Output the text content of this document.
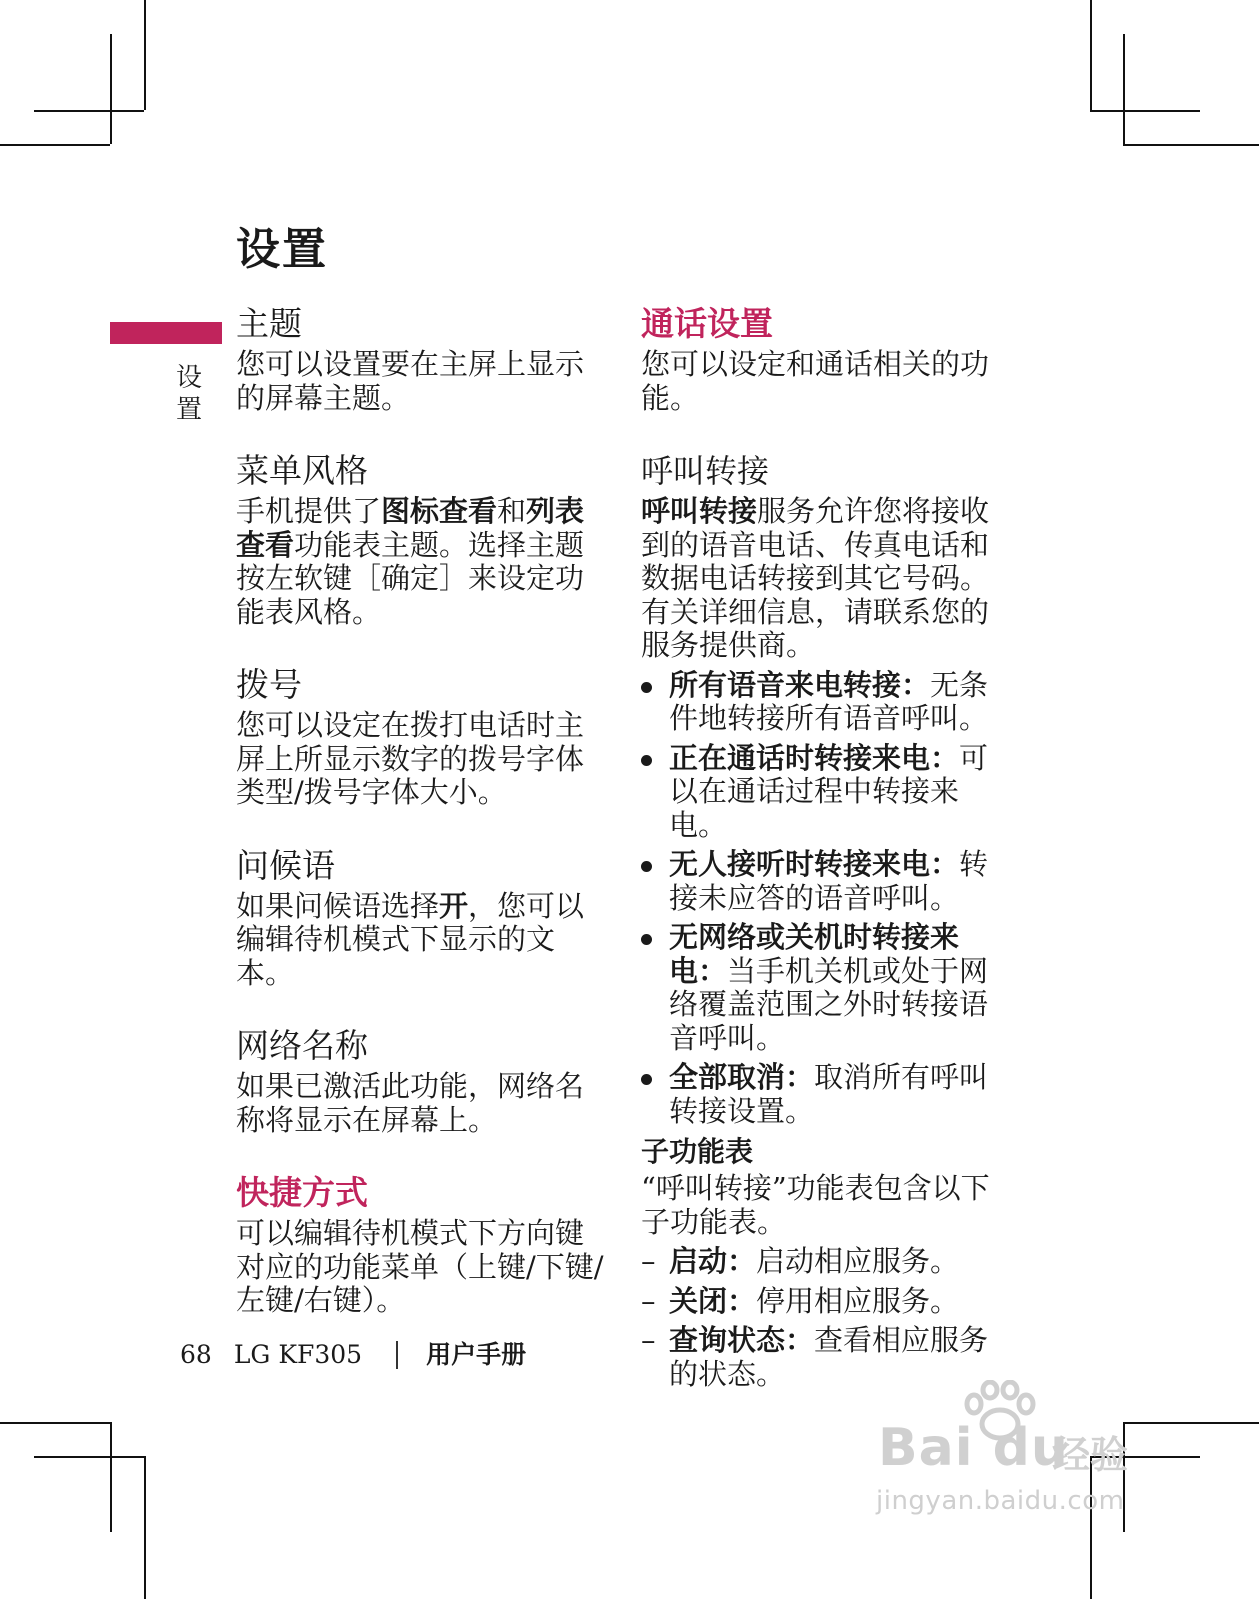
设置
设
置
主题

您可以设置要在主屏上显示的屏幕主题。

菜单风格

手机提供了图标查看和列表查看功能表主题。选择主题按左软键［确定］来设定功能表风格。

拨号

您可以设定在拨打电话时主屏上所显示数字的拨号字体类型/拨号字体大小。

问候语

如果问候语选择开，您可以编辑待机模式下显示的文本。

网络名称

如果已激活此功能，网络名称将显示在屏幕上。

快捷方式

可以编辑待机模式下方向键对应的功能菜单（上键/下键/左键/右键）。

通话设置

您可以设定和通话相关的功能。

呼叫转接

呼叫转接服务允许您将接收到的语音电话、传真电话和数据电话转接到其它号码。 有关详细信息，请联系您的服务提供商。

所有语音来电转接：无条件地转接所有语音呼叫。
正在通话时转接来电：可以在通话过程中转接来电。
无人接听时转接来电：转接未应答的语音呼叫。
无网络或关机时转接来电：当手机关机或处于网络覆盖范围之外时转接语音呼叫。
全部取消：取消所有呼叫转接设置。
子功能表

“呼叫转接”功能表包含以下子功能表。

– 启动：启动相应服务。
– 关闭：停用相应服务。
– 查询状态：查看相应服务的状态。
68 LG KF305	用户手册
Bai du
经验
jingyan.baidu.com
